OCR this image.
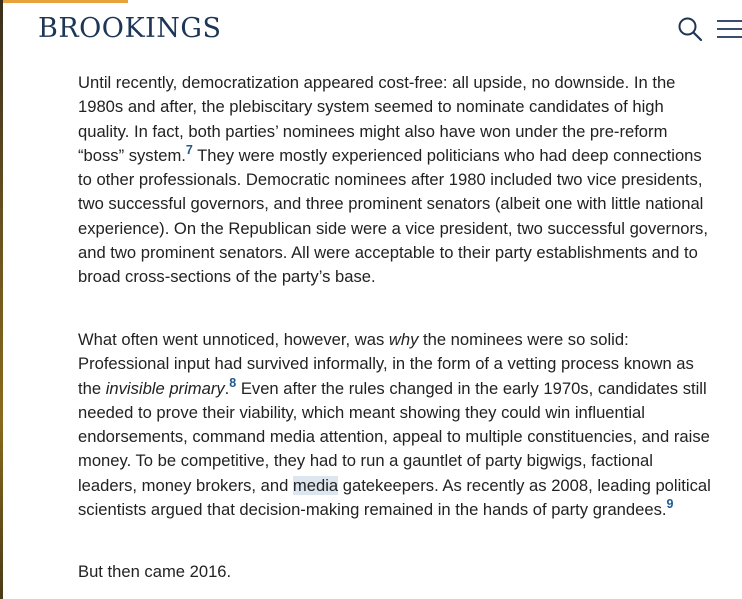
BROOKINGS

Until recently, democratization appeared cost-free: all upside, no downside. In the
1980s and after, the plebiscitary system seemed to nominate candidates of high
quality. In fact, both parties’ nominees might also have won under the pre-reform
“boss” system.$^7$ They were mostly experienced politicians who had deep connections
to other professionals. Democratic nominees after 1980 included two vice presidents,
two successful governors, and three prominent senators (albeit one with little national
experience). On the Republican side were a vice president, two successful governors,
and two prominent senators. All were acceptable to their party establishments and to
broad cross-sections of the party’s base.

What often went unnoticed, however, was why the nominees were so solid:
Professional input had survived informally, in the form of a vetting process known as
the invisible primary.$^8$ Even after the rules changed in the early 1970s, candidates still
needed to prove their viability, which meant showing they could win influential
endorsements, command media attention, appeal to multiple constituencies, and raise
money. To be competitive, they had to run a gauntlet of party bigwigs, factional
leaders, money brokers, and media gatekeepers. As recently as 2008, leading political
scientists argued that decision-making remained in the hands of party grandees.$^9$

But then came 2016.
